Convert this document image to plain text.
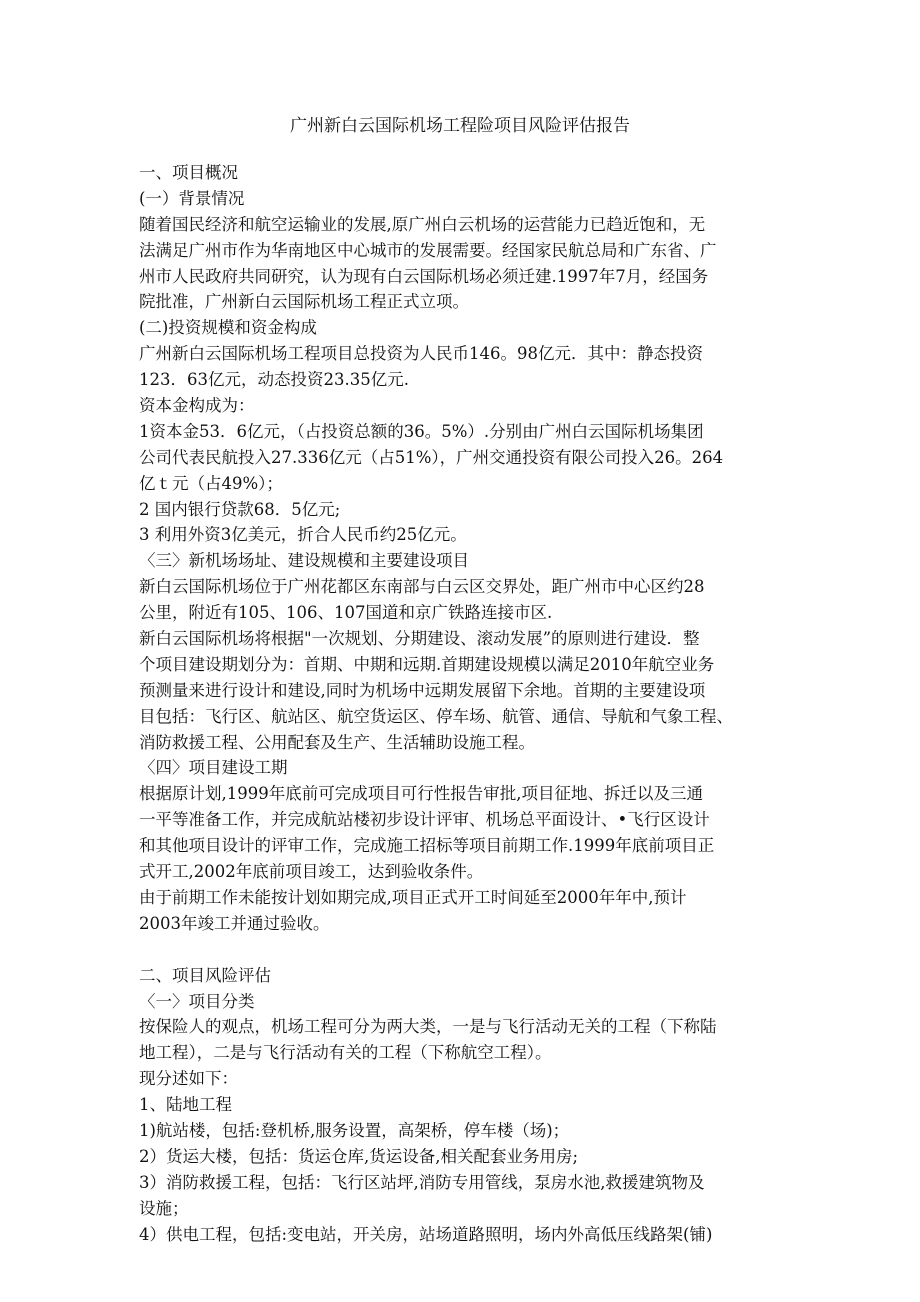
广州新白云国际机场工程险项目风险评估报告
一、项目概况
(一）背景情况
随着国民经济和航空运输业的发展,原广州白云机场的运营能力已趋近饱和，无
法满足广州市作为华南地区中心城市的发展需要。经国家民航总局和广东省、广
州市人民政府共同研究，认为现有白云国际机场必须迁建.1997年7月，经国务
院批准，广州新白云国际机场工程正式立项。
(二)投资规模和资金构成
广州新白云国际机场工程项目总投资为人民币146。98亿元．其中：静态投资
123．63亿元，动态投资23.35亿元.
资本金构成为：
1资本金53．6亿元，（占投资总额的36。5%）.分别由广州白云国际机场集团
公司代表民航投入27.336亿元（占51%），广州交通投资有限公司投入26。264
亿ｔ元（占49%）；
2 国内银行贷款68．5亿元;
3 利用外资3亿美元，折合人民币约25亿元。
〈三〉新机场场址、建设规模和主要建设项目
新白云国际机场位于广州花都区东南部与白云区交界处，距广州市中心区约28
公里，附近有105、106、107国道和京广铁路连接市区.
新白云国际机场将根据"一次规划、分期建设、滚动发展”的原则进行建设．整
个项目建设期划分为：首期、中期和远期.首期建设规模以满足2010年航空业务
预测量来进行设计和建设,同时为机场中远期发展留下余地。首期的主要建设项
目包括：飞行区、航站区、航空货运区、停车场、航管、通信、导航和气象工程、
消防救援工程、公用配套及生产、生活辅助设施工程。
〈四〉项目建设工期
根据原计划,1999年底前可完成项目可行性报告审批,项目征地、拆迁以及三通
一平等准备工作，并完成航站楼初步设计评审、机场总平面设计、•飞行区设计
和其他项目设计的评审工作，完成施工招标等项目前期工作.1999年底前项目正
式开工,2002年底前项目竣工，达到验收条件。
由于前期工作未能按计划如期完成,项目正式开工时间延至2000年年中,预计
2003年竣工并通过验收。
二、项目风险评估
〈一〉项目分类
按保险人的观点，机场工程可分为两大类，一是与飞行活动无关的工程（下称陆
地工程），二是与飞行活动有关的工程（下称航空工程）。
现分述如下：
1、陆地工程
1)航站楼，包括:登机桥,服务设置，高架桥，停车楼（场)；
2）货运大楼，包括：货运仓库,货运设备,相关配套业务用房;
3）消防救援工程，包括：飞行区站坪,消防专用管线，泵房水池,救援建筑物及
设施；
4）供电工程，包括:变电站，开关房，站场道路照明，场内外高低压线路架(铺)
